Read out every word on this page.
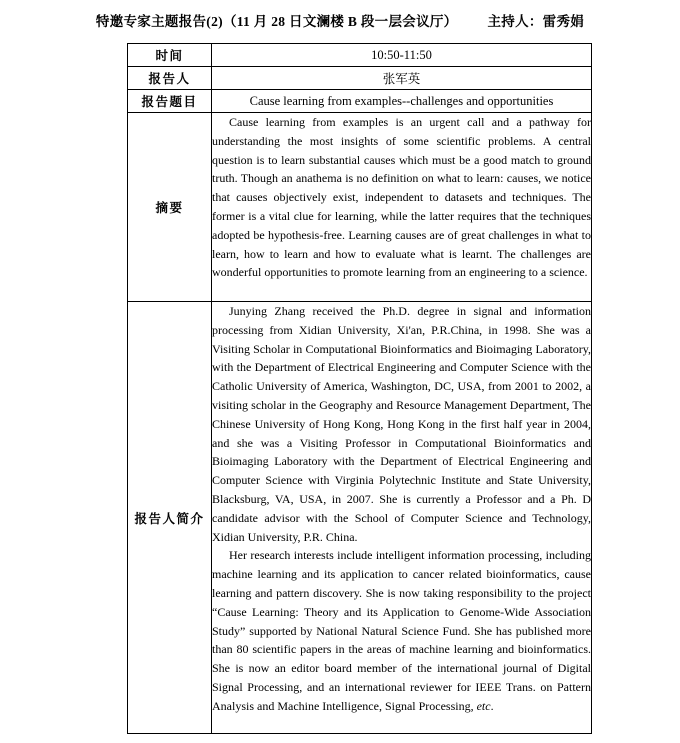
特邀专家主题报告(2)（11 月 28 日文澜楼 B 段一层会议厅） 主持人：雷秀娟
时间	10:50-11:50
报告人	张军英
报告题目	Cause learning from examples--challenges and opportunities
摘要	Cause learning from examples is an urgent call and a pathway for understanding the most insights of some scientific problems. A central question is to learn substantial causes which must be a good match to ground truth. Though an anathema is no definition on what to learn: causes, we notice that causes objectively exist, independent to datasets and techniques. The former is a vital clue for learning, while the latter requires that the techniques adopted be hypothesis-free. Learning causes are of great challenges in what to learn, how to learn and how to evaluate what is learnt. The challenges are wonderful opportunities to promote learning from an engineering to a science.

报告人简介	Junying Zhang received the Ph.D. degree in signal and information processing from Xidian University, Xi'an, P.R.China, in 1998. She was a Visiting Scholar in Computational Bioinformatics and Bioimaging Laboratory, with the Department of Electrical Engineering and Computer Science with the Catholic University of America, Washington, DC, USA, from 2001 to 2002, a visiting scholar in the Geography and Resource Management Department, The Chinese University of Hong Kong, Hong Kong in the first half year in 2004, and she was a Visiting Professor in Computational Bioinformatics and Bioimaging Laboratory with the Department of Electrical Engineering and Computer Science with Virginia Polytechnic Institute and State University, Blacksburg, VA, USA, in 2007. She is currently a Professor and a Ph. D candidate advisor with the School of Computer Science and Technology, Xidian University, P.R. China.

Her research interests include intelligent information processing, including machine learning and its application to cancer related bioinformatics, cause learning and pattern discovery. She is now taking responsibility to the project “Cause Learning: Theory and its Application to Genome-Wide Association Study” supported by National Natural Science Fund. She has published more than 80 scientific papers in the areas of machine learning and bioinformatics. She is now an editor board member of the international journal of Digital Signal Processing, and an international reviewer for IEEE Trans. on Pattern Analysis and Machine Intelligence, Signal Processing, etc.
